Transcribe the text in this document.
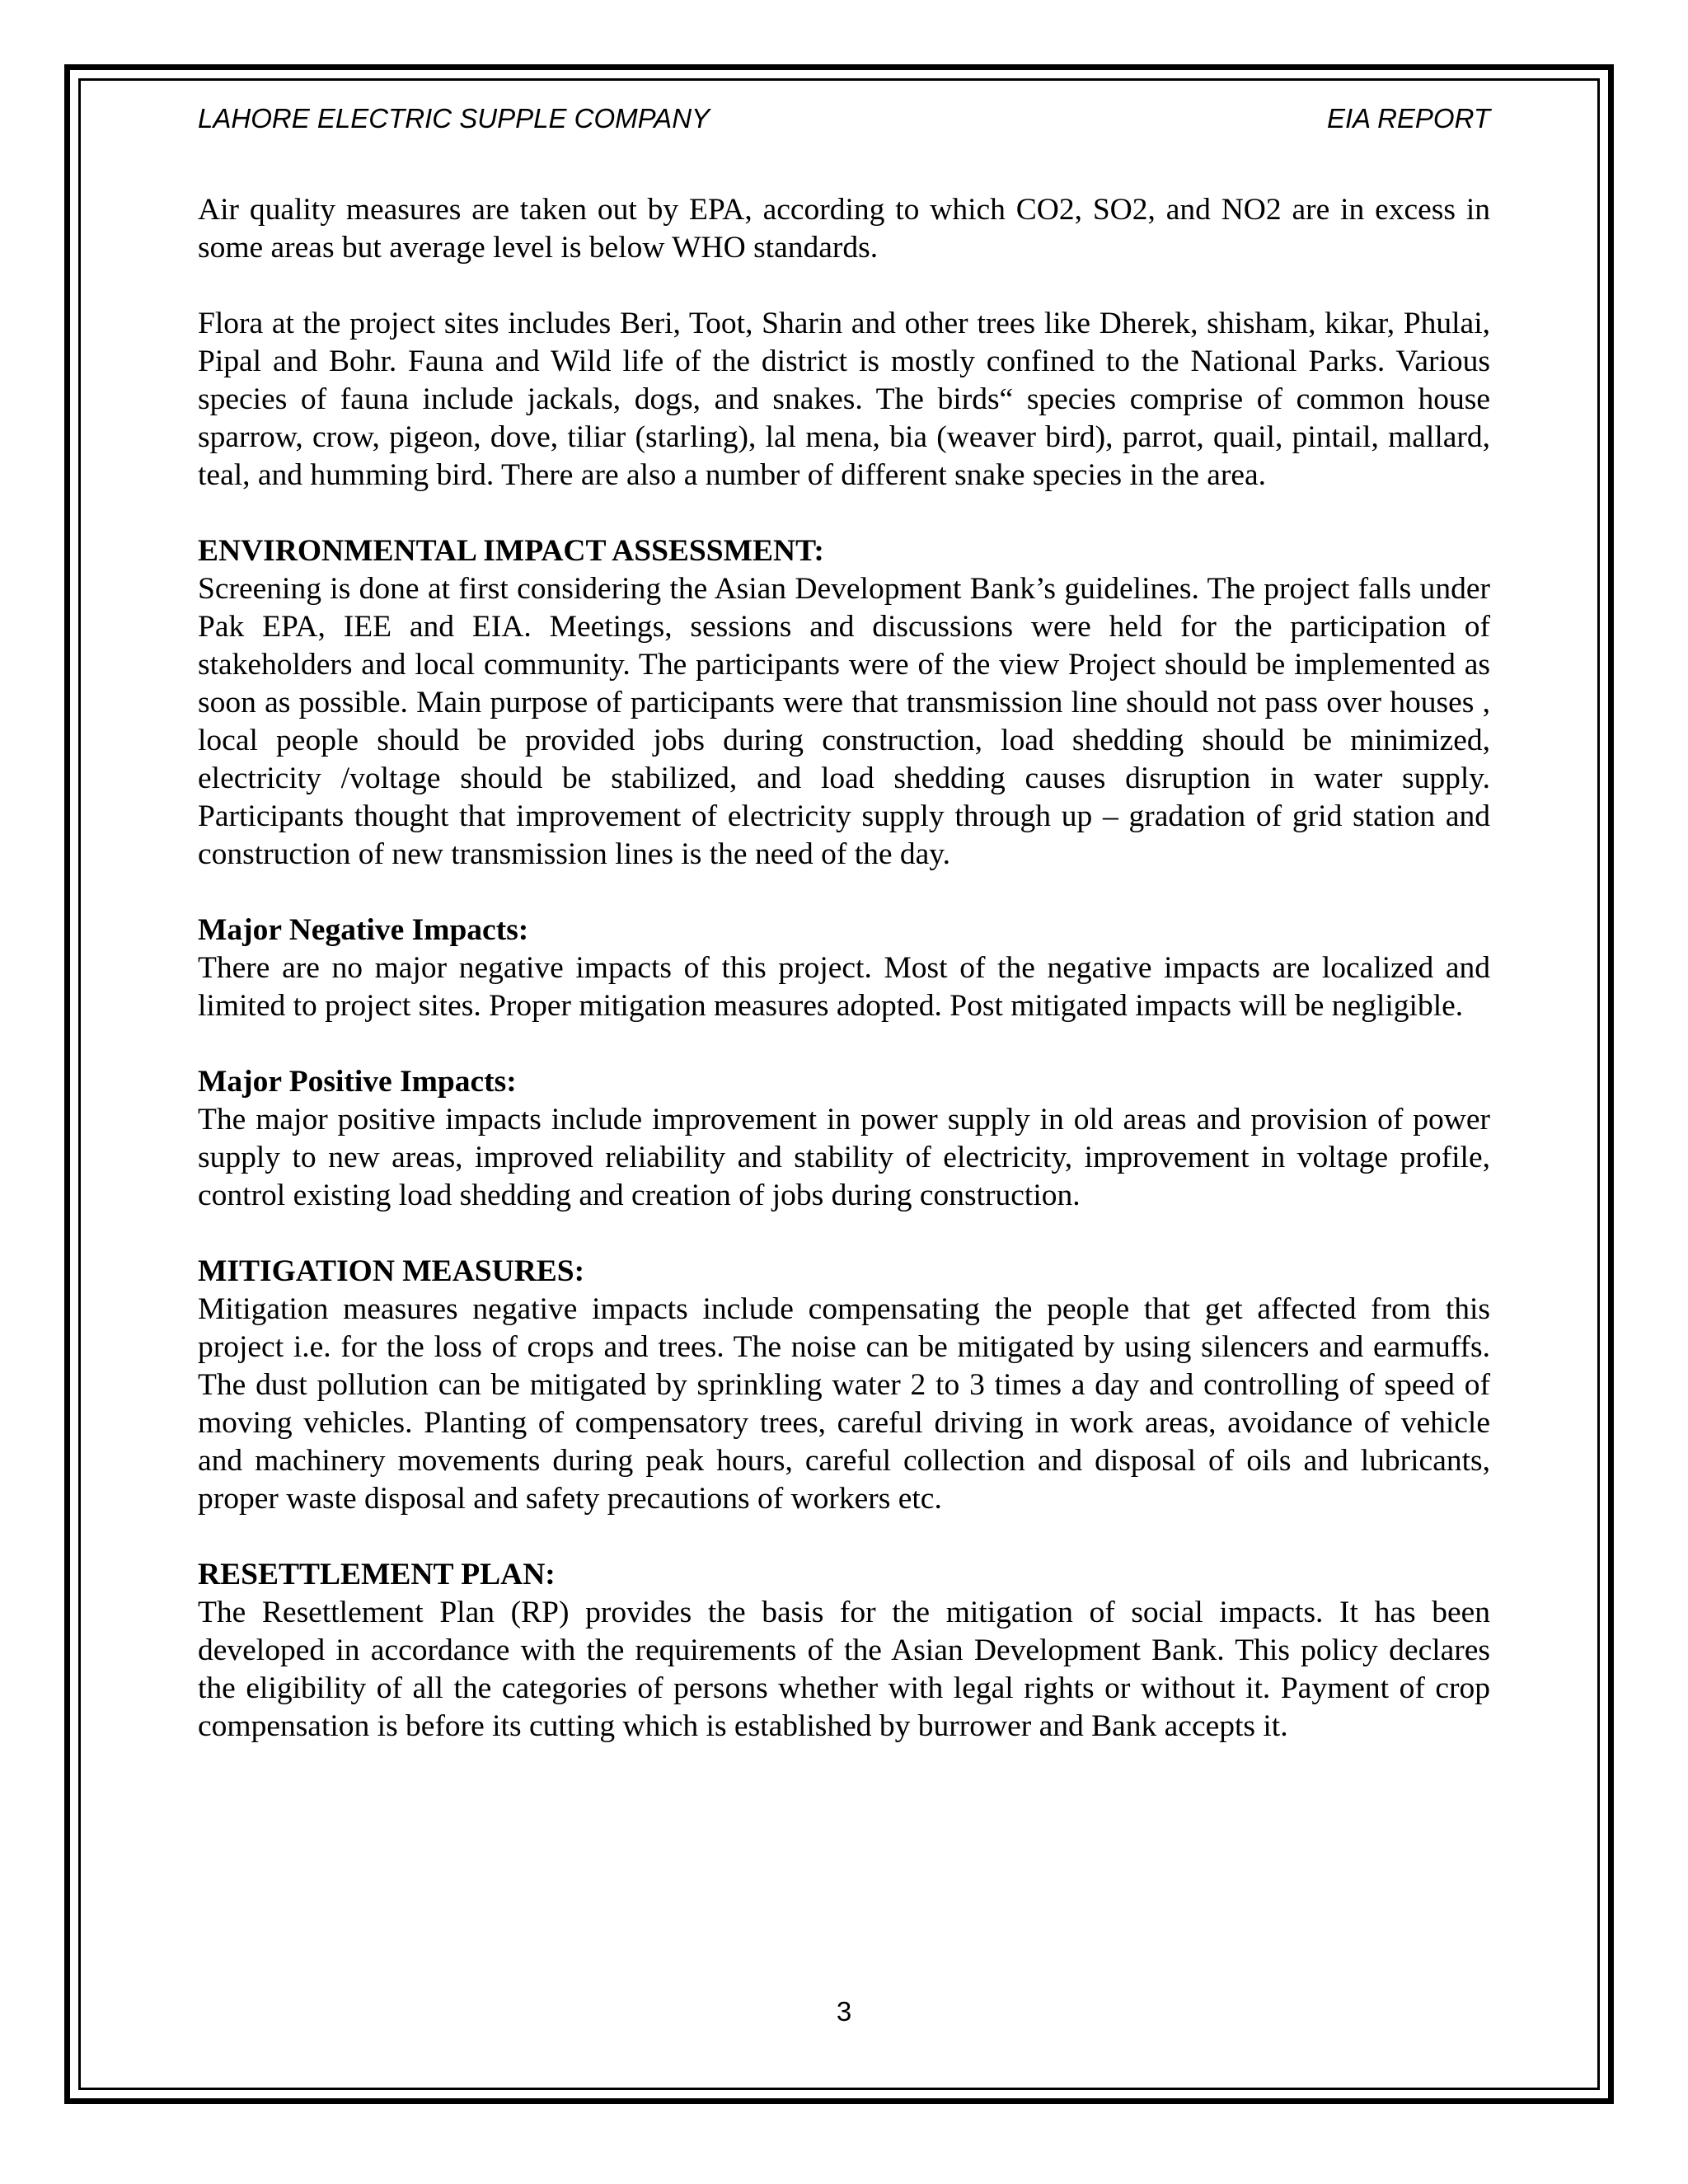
LAHORE ELECTRIC SUPPLE COMPANY	EIA REPORT

Air quality measures are taken out by EPA, according to which CO2, SO2, and NO2 are in excess in some areas but average level is below WHO standards.

Flora at the project sites includes Beri, Toot, Sharin and other trees like Dherek, shisham, kikar, Phulai, Pipal and Bohr. Fauna and Wild life of the district is mostly confined to the National Parks. Various species of fauna include jackals, dogs, and snakes. The birds“ species comprise of common house sparrow, crow, pigeon, dove, tiliar (starling), lal mena, bia (weaver bird), parrot, quail, pintail, mallard, teal, and humming bird. There are also a number of different snake species in the area.

ENVIRONMENTAL IMPACT ASSESSMENT:

Screening is done at first considering the Asian Development Bank’s guidelines. The project falls under Pak EPA, IEE and EIA. Meetings, sessions and discussions were held for the participation of stakeholders and local community. The participants were of the view Project should be implemented as soon as possible. Main purpose of participants were that transmission line should not pass over houses , local people should be provided jobs during construction, load shedding should be minimized, electricity /voltage should be stabilized, and load shedding causes disruption in water supply. Participants thought that improvement of electricity supply through up – gradation of grid station and construction of new transmission lines is the need of the day.

Major Negative Impacts:

There are no major negative impacts of this project. Most of the negative impacts are localized and limited to project sites. Proper mitigation measures adopted. Post mitigated impacts will be negligible.

Major Positive Impacts:

The major positive impacts include improvement in power supply in old areas and provision of power supply to new areas, improved reliability and stability of electricity, improvement in voltage profile, control existing load shedding and creation of jobs during construction.

MITIGATION MEASURES:

Mitigation measures negative impacts include compensating the people that get affected from this project i.e. for the loss of crops and trees. The noise can be mitigated by using silencers and earmuffs. The dust pollution can be mitigated by sprinkling water 2 to 3 times a day and controlling of speed of moving vehicles. Planting of compensatory trees, careful driving in work areas, avoidance of vehicle and machinery movements during peak hours, careful collection and disposal of oils and lubricants, proper waste disposal and safety precautions of workers etc.

RESETTLEMENT PLAN:

The Resettlement Plan (RP) provides the basis for the mitigation of social impacts. It has been developed in accordance with the requirements of the Asian Development Bank. This policy declares the eligibility of all the categories of persons whether with legal rights or without it. Payment of crop compensation is before its cutting which is established by burrower and Bank accepts it.

3
